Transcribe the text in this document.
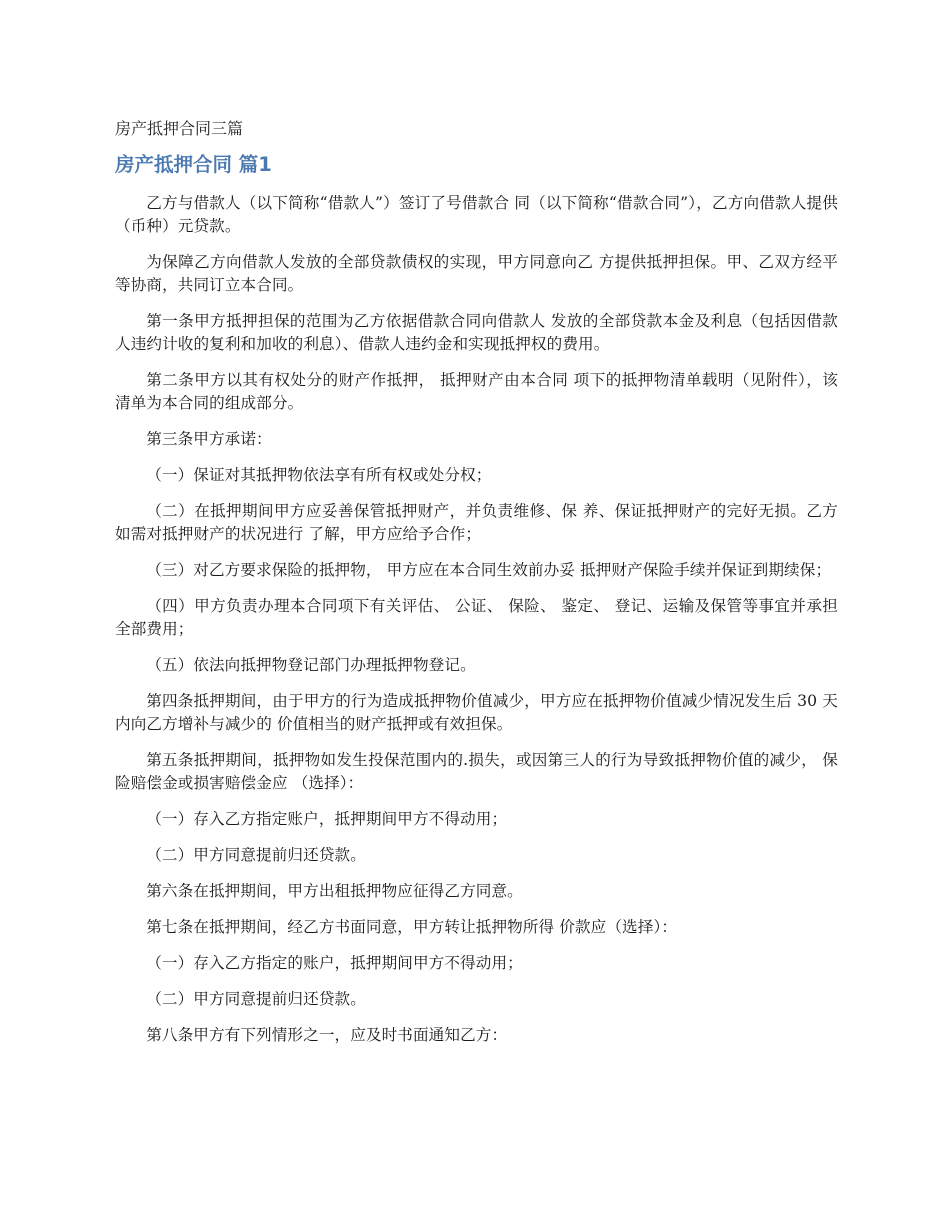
房产抵押合同三篇
房产抵押合同 篇1

乙方与借款人（以下简称“借款人”）签订了号借款合 同（以下简称“借款合同”），乙方向借款人提供（币种）元贷款。

为保障乙方向借款人发放的全部贷款债权的实现，甲方同意向乙 方提供抵押担保。甲、乙双方经平等协商，共同订立本合同。

第一条甲方抵押担保的范围为乙方依据借款合同向借款人 发放的全部贷款本金及利息（包括因借款人违约计收的复利和加收的利息）、借款人违约金和实现抵押权的费用。

第二条甲方以其有权处分的财产作抵押， 抵押财产由本合同 项下的抵押物清单载明（见附件），该清单为本合同的组成部分。

第三条甲方承诺：

（一）保证对其抵押物依法享有所有权或处分权；

（二）在抵押期间甲方应妥善保管抵押财产，并负责维修、保 养、保证抵押财产的完好无损。乙方如需对抵押财产的状况进行 了解，甲方应给予合作；

（三）对乙方要求保险的抵押物， 甲方应在本合同生效前办妥 抵押财产保险手续并保证到期续保；

（四）甲方负责办理本合同项下有关评估、 公证、 保险、 鉴定、 登记、运输及保管等事宜并承担全部费用；

（五）依法向抵押物登记部门办理抵押物登记。

第四条抵押期间，由于甲方的行为造成抵押物价值减少，甲方应在抵押物价值减少情况发生后 30 天内向乙方增补与减少的 价值相当的财产抵押或有效担保。

第五条抵押期间，抵押物如发生投保范围内的.损失，或因第三人的行为导致抵押物价值的减少， 保险赔偿金或损害赔偿金应 （选择）：

（一）存入乙方指定账户，抵押期间甲方不得动用；

（二）甲方同意提前归还贷款。

第六条在抵押期间，甲方出租抵押物应征得乙方同意。

第七条在抵押期间，经乙方书面同意，甲方转让抵押物所得 价款应（选择）：

（一）存入乙方指定的账户，抵押期间甲方不得动用；

（二）甲方同意提前归还贷款。

第八条甲方有下列情形之一，应及时书面通知乙方：
